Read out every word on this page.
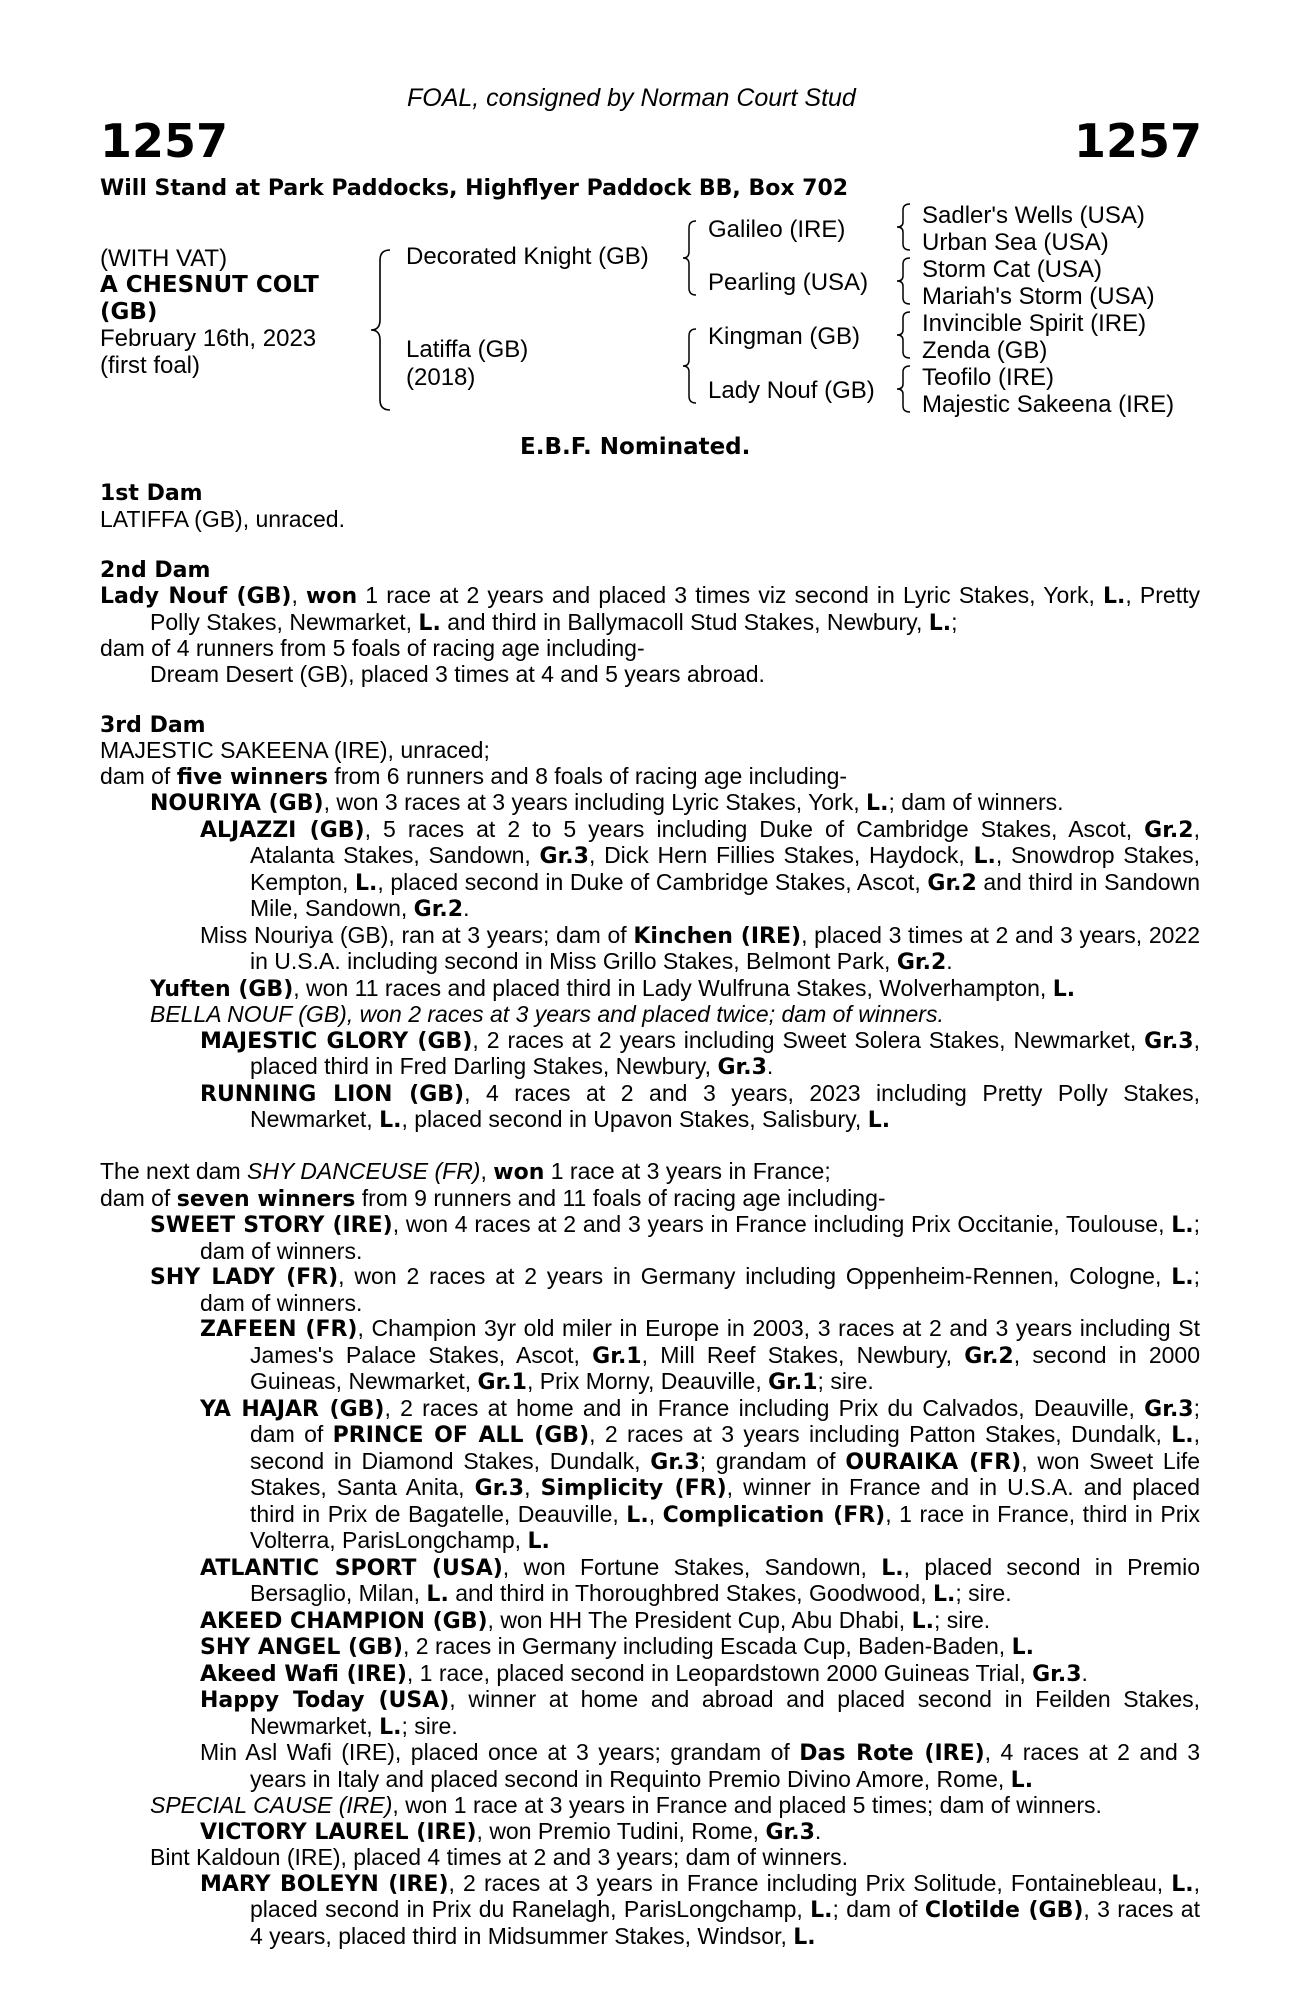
FOAL, consigned by Norman Court Stud
1257	1257
Will Stand at Park Paddocks, Highflyer Paddock BB, Box 702
(WITH VAT)
A CHESNUT COLT
(GB)
February 16th, 2023
(first foal)
Decorated Knight (GB)
Latiffa (GB)
(2018)
Galileo (IRE)
Pearling (USA)
Kingman (GB)
Lady Nouf (GB)
Sadler's Wells (USA)
Urban Sea (USA)
Storm Cat (USA)
Mariah's Storm (USA)
Invincible Spirit (IRE)
Zenda (GB)
Teofilo (IRE)
Majestic Sakeena (IRE)
E.B.F. Nominated.
1st Dam
LATIFFA (GB), unraced.
2nd Dam
Lady Nouf (GB), won 1 race at 2 years and placed 3 times viz second in Lyric Stakes, York, L., Pretty Polly Stakes, Newmarket, L. and third in Ballymacoll Stud Stakes, Newbury, L.;
dam of 4 runners from 5 foals of racing age including-
Dream Desert (GB), placed 3 times at 4 and 5 years abroad.
3rd Dam
MAJESTIC SAKEENA (IRE), unraced;
dam of five winners from 6 runners and 8 foals of racing age including-
NOURIYA (GB), won 3 races at 3 years including Lyric Stakes, York, L.; dam of winners.
ALJAZZI (GB), 5 races at 2 to 5 years including Duke of Cambridge Stakes, Ascot, Gr.2, Atalanta Stakes, Sandown, Gr.3, Dick Hern Fillies Stakes, Haydock, L., Snowdrop Stakes, Kempton, L., placed second in Duke of Cambridge Stakes, Ascot, Gr.2 and third in Sandown Mile, Sandown, Gr.2.
Miss Nouriya (GB), ran at 3 years; dam of Kinchen (IRE), placed 3 times at 2 and 3 years, 2022 in U.S.A. including second in Miss Grillo Stakes, Belmont Park, Gr.2.
Yuften (GB), won 11 races and placed third in Lady Wulfruna Stakes, Wolverhampton, L.
BELLA NOUF (GB), won 2 races at 3 years and placed twice; dam of winners.
MAJESTIC GLORY (GB), 2 races at 2 years including Sweet Solera Stakes, Newmarket, Gr.3, placed third in Fred Darling Stakes, Newbury, Gr.3.
RUNNING LION (GB), 4 races at 2 and 3 years, 2023 including Pretty Polly Stakes, Newmarket, L., placed second in Upavon Stakes, Salisbury, L.
The next dam SHY DANCEUSE (FR), won 1 race at 3 years in France;
dam of seven winners from 9 runners and 11 foals of racing age including-
SWEET STORY (IRE), won 4 races at 2 and 3 years in France including Prix Occitanie, Toulouse, L.; dam of winners.
SHY LADY (FR), won 2 races at 2 years in Germany including Oppenheim-Rennen, Cologne, L.; dam of winners.
ZAFEEN (FR), Champion 3yr old miler in Europe in 2003, 3 races at 2 and 3 years including St James's Palace Stakes, Ascot, Gr.1, Mill Reef Stakes, Newbury, Gr.2, second in 2000 Guineas, Newmarket, Gr.1, Prix Morny, Deauville, Gr.1; sire.
YA HAJAR (GB), 2 races at home and in France including Prix du Calvados, Deauville, Gr.3; dam of PRINCE OF ALL (GB), 2 races at 3 years including Patton Stakes, Dundalk, L., second in Diamond Stakes, Dundalk, Gr.3; grandam of OURAIKA (FR), won Sweet Life Stakes, Santa Anita, Gr.3, Simplicity (FR), winner in France and in U.S.A. and placed third in Prix de Bagatelle, Deauville, L., Complication (FR), 1 race in France, third in Prix Volterra, ParisLongchamp, L.
ATLANTIC SPORT (USA), won Fortune Stakes, Sandown, L., placed second in Premio Bersaglio, Milan, L. and third in Thoroughbred Stakes, Goodwood, L.; sire.
AKEED CHAMPION (GB), won HH The President Cup, Abu Dhabi, L.; sire.
SHY ANGEL (GB), 2 races in Germany including Escada Cup, Baden-Baden, L.
Akeed Wafi (IRE), 1 race, placed second in Leopardstown 2000 Guineas Trial, Gr.3.
Happy Today (USA), winner at home and abroad and placed second in Feilden Stakes, Newmarket, L.; sire.
Min Asl Wafi (IRE), placed once at 3 years; grandam of Das Rote (IRE), 4 races at 2 and 3 years in Italy and placed second in Requinto Premio Divino Amore, Rome, L.
SPECIAL CAUSE (IRE), won 1 race at 3 years in France and placed 5 times; dam of winners.
VICTORY LAUREL (IRE), won Premio Tudini, Rome, Gr.3.
Bint Kaldoun (IRE), placed 4 times at 2 and 3 years; dam of winners.
MARY BOLEYN (IRE), 2 races at 3 years in France including Prix Solitude, Fontainebleau, L., placed second in Prix du Ranelagh, ParisLongchamp, L.; dam of Clotilde (GB), 3 races at 4 years, placed third in Midsummer Stakes, Windsor, L.
